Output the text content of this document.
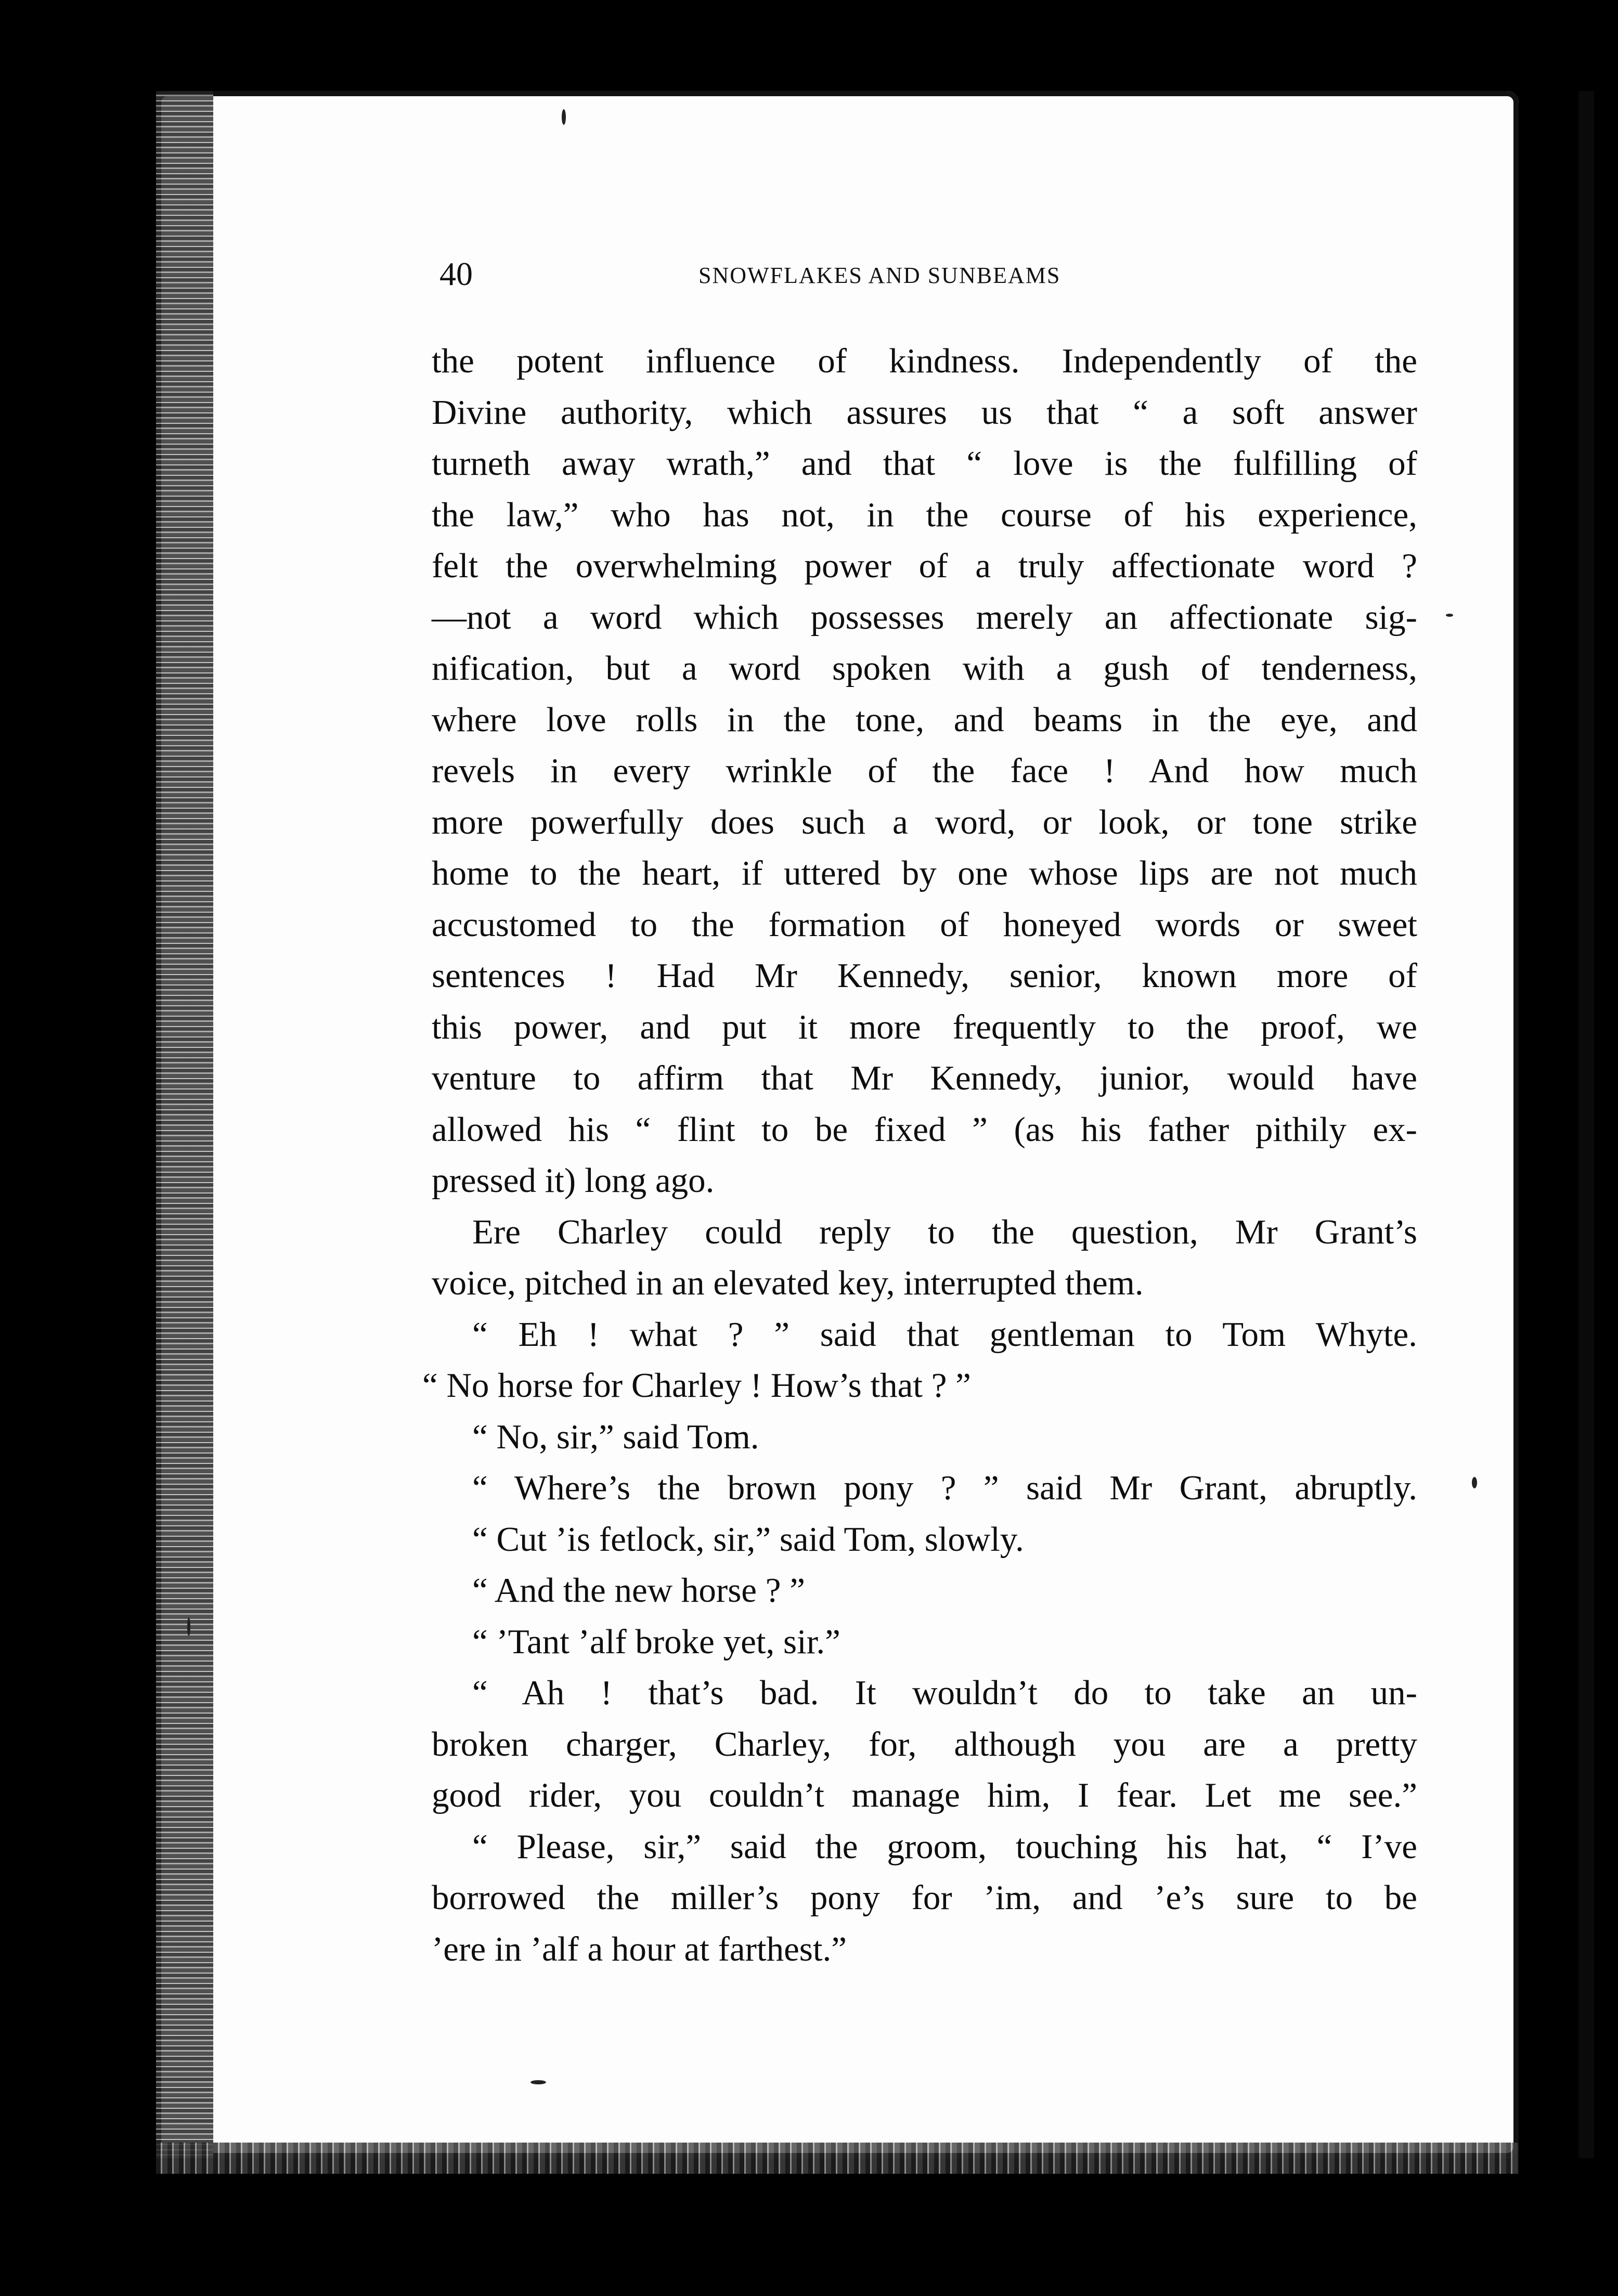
40	SNOWFLAKES AND SUNBEAMS
the potent influence of kindness. Independently of the
Divine authority, which assures us that “ a soft answer
turneth away wrath,” and that “ love is the fulfilling of
the law,” who has not, in the course of his experience,
felt the overwhelming power of a truly affectionate word ?
—not a word which possesses merely an affectionate sig-
nification, but a word spoken with a gush of tenderness,
where love rolls in the tone, and beams in the eye, and
revels in every wrinkle of the face ! And how much
more powerfully does such a word, or look, or tone strike
home to the heart, if uttered by one whose lips are not much
accustomed to the formation of honeyed words or sweet
sentences ! Had Mr Kennedy, senior, known more of
this power, and put it more frequently to the proof, we
venture to affirm that Mr Kennedy, junior, would have
allowed his “ flint to be fixed ” (as his father pithily ex-
pressed it) long ago.
Ere Charley could reply to the question, Mr Grant’s
voice, pitched in an elevated key, interrupted them.
“ Eh ! what ? ” said that gentleman to Tom Whyte.
“ No horse for Charley ! How’s that ? ”
“ No, sir,” said Tom.
“ Where’s the brown pony ? ” said Mr Grant, abruptly.
“ Cut ’is fetlock, sir,” said Tom, slowly.
“ And the new horse ? ”
“ ’Tant ’alf broke yet, sir.”
“ Ah ! that’s bad. It wouldn’t do to take an un-
broken charger, Charley, for, although you are a pretty
good rider, you couldn’t manage him, I fear. Let me see.”
“ Please, sir,” said the groom, touching his hat, “ I’ve
borrowed the miller’s pony for ’im, and ’e’s sure to be
’ere in ’alf a hour at farthest.”
